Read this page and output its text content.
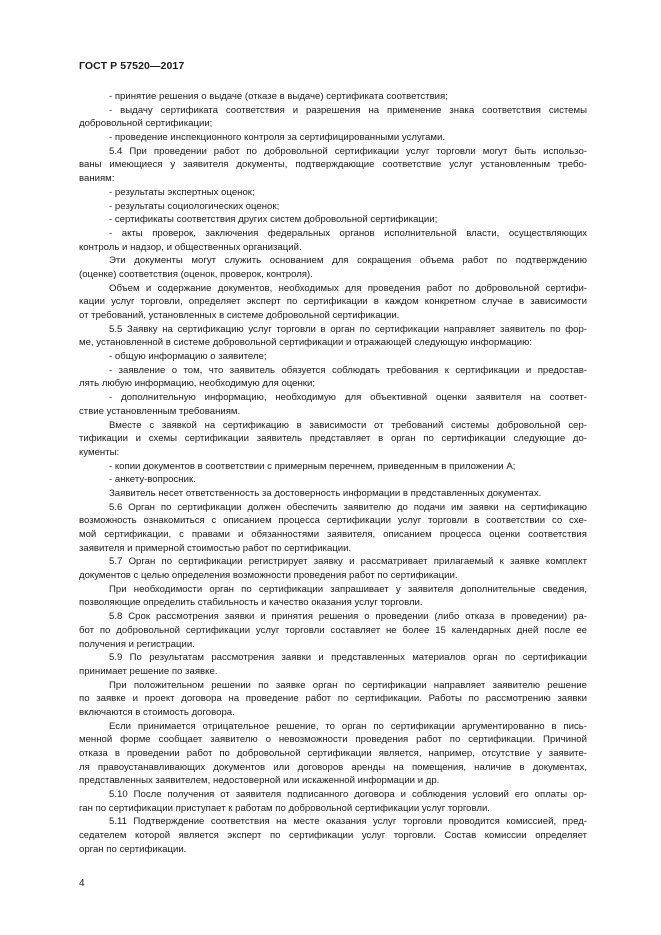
ГОСТ Р 57520—2017
- принятие решения о выдаче (отказе в выдаче) сертификата соответствия;
- выдачу сертификата соответствия и разрешения на применение знака соответствия системы
добровольной сертификации;
- проведение инспекционного контроля за сертифицированными услугами.
5.4 При проведении работ по добровольной сертификации услуг торговли могут быть использо-
ваны имеющиеся у заявителя документы, подтверждающие соответствие услуг установленным требо-
ваниям:
- результаты экспертных оценок;
- результаты социологических оценок;
- сертификаты соответствия других систем добровольной сертификации;
- акты проверок, заключения федеральных органов исполнительной власти, осуществляющих
контроль и надзор, и общественных организаций.
Эти документы могут служить основанием для сокращения объема работ по подтверждению
(оценке) соответствия (оценок, проверок, контроля).
Объем и содержание документов, необходимых для проведения работ по добровольной сертифи-
кации услуг торговли, определяет эксперт по сертификации в каждом конкретном случае в зависимости
от требований, установленных в системе добровольной сертификации.
5.5 Заявку на сертификацию услуг торговли в орган по сертификации направляет заявитель по фор-
ме, установленной в системе добровольной сертификации и отражающей следующую информацию:
- общую информацию о заявителе;
- заявление о том, что заявитель обязуется соблюдать требования к сертификации и предостав-
лять любую информацию, необходимую для оценки;
- дополнительную информацию, необходимую для объективной оценки заявителя на соответ-
ствие установленным требованиям.
Вместе с заявкой на сертификацию в зависимости от требований системы добровольной сер-
тификации и схемы сертификации заявитель представляет в орган по сертификации следующие до-
кументы:
- копии документов в соответствии с примерным перечнем, приведенным в приложении А;
- анкету-вопросник.
Заявитель несет ответственность за достоверность информации в представленных документах.
5.6 Орган по сертификации должен обеспечить заявителю до подачи им заявки на сертификацию
возможность ознакомиться с описанием процесса сертификации услуг торговли в соответствии со схе-
мой сертификации, с правами и обязанностями заявителя, описанием процесса оценки соответствия
заявителя и примерной стоимостью работ по сертификации.
5.7 Орган по сертификации регистрирует заявку и рассматривает прилагаемый к заявке комплект
документов с целью определения возможности проведения работ по сертификации.
При необходимости орган по сертификации запрашивает у заявителя дополнительные сведения,
позволяющие определить стабильность и качество оказания услуг торговли.
5.8 Срок рассмотрения заявки и принятия решения о проведении (либо отказа в проведении) ра-
бот по добровольной сертификации услуг торговли составляет не более 15 календарных дней после ее
получения и регистрации.
5.9 По результатам рассмотрения заявки и представленных материалов орган по сертификации
принимает решение по заявке.
При положительном решении по заявке орган по сертификации направляет заявителю решение
по заявке и проект договора на проведение работ по сертификации. Работы по рассмотрению заявки
включаются в стоимость договора.
Если принимается отрицательное решение, то орган по сертификации аргументированно в пись-
менной форме сообщает заявителю о невозможности проведения работ по сертификации. Причиной
отказа в проведении работ по добровольной сертификации является, например, отсутствие у заявите-
ля правоустанавливающих документов или договоров аренды на помещения, наличие в документах,
представленных заявителем, недостоверной или искаженной информации и др.
5.10 После получения от заявителя подписанного договора и соблюдения условий его оплаты ор-
ган по сертификации приступает к работам по добровольной сертификации услуг торговли.
5.11 Подтверждение соответствия на месте оказания услуг торговли проводится комиссией, пред-
седателем которой является эксперт по сертификации услуг торговли. Состав комиссии определяет
орган по сертификации.
4
